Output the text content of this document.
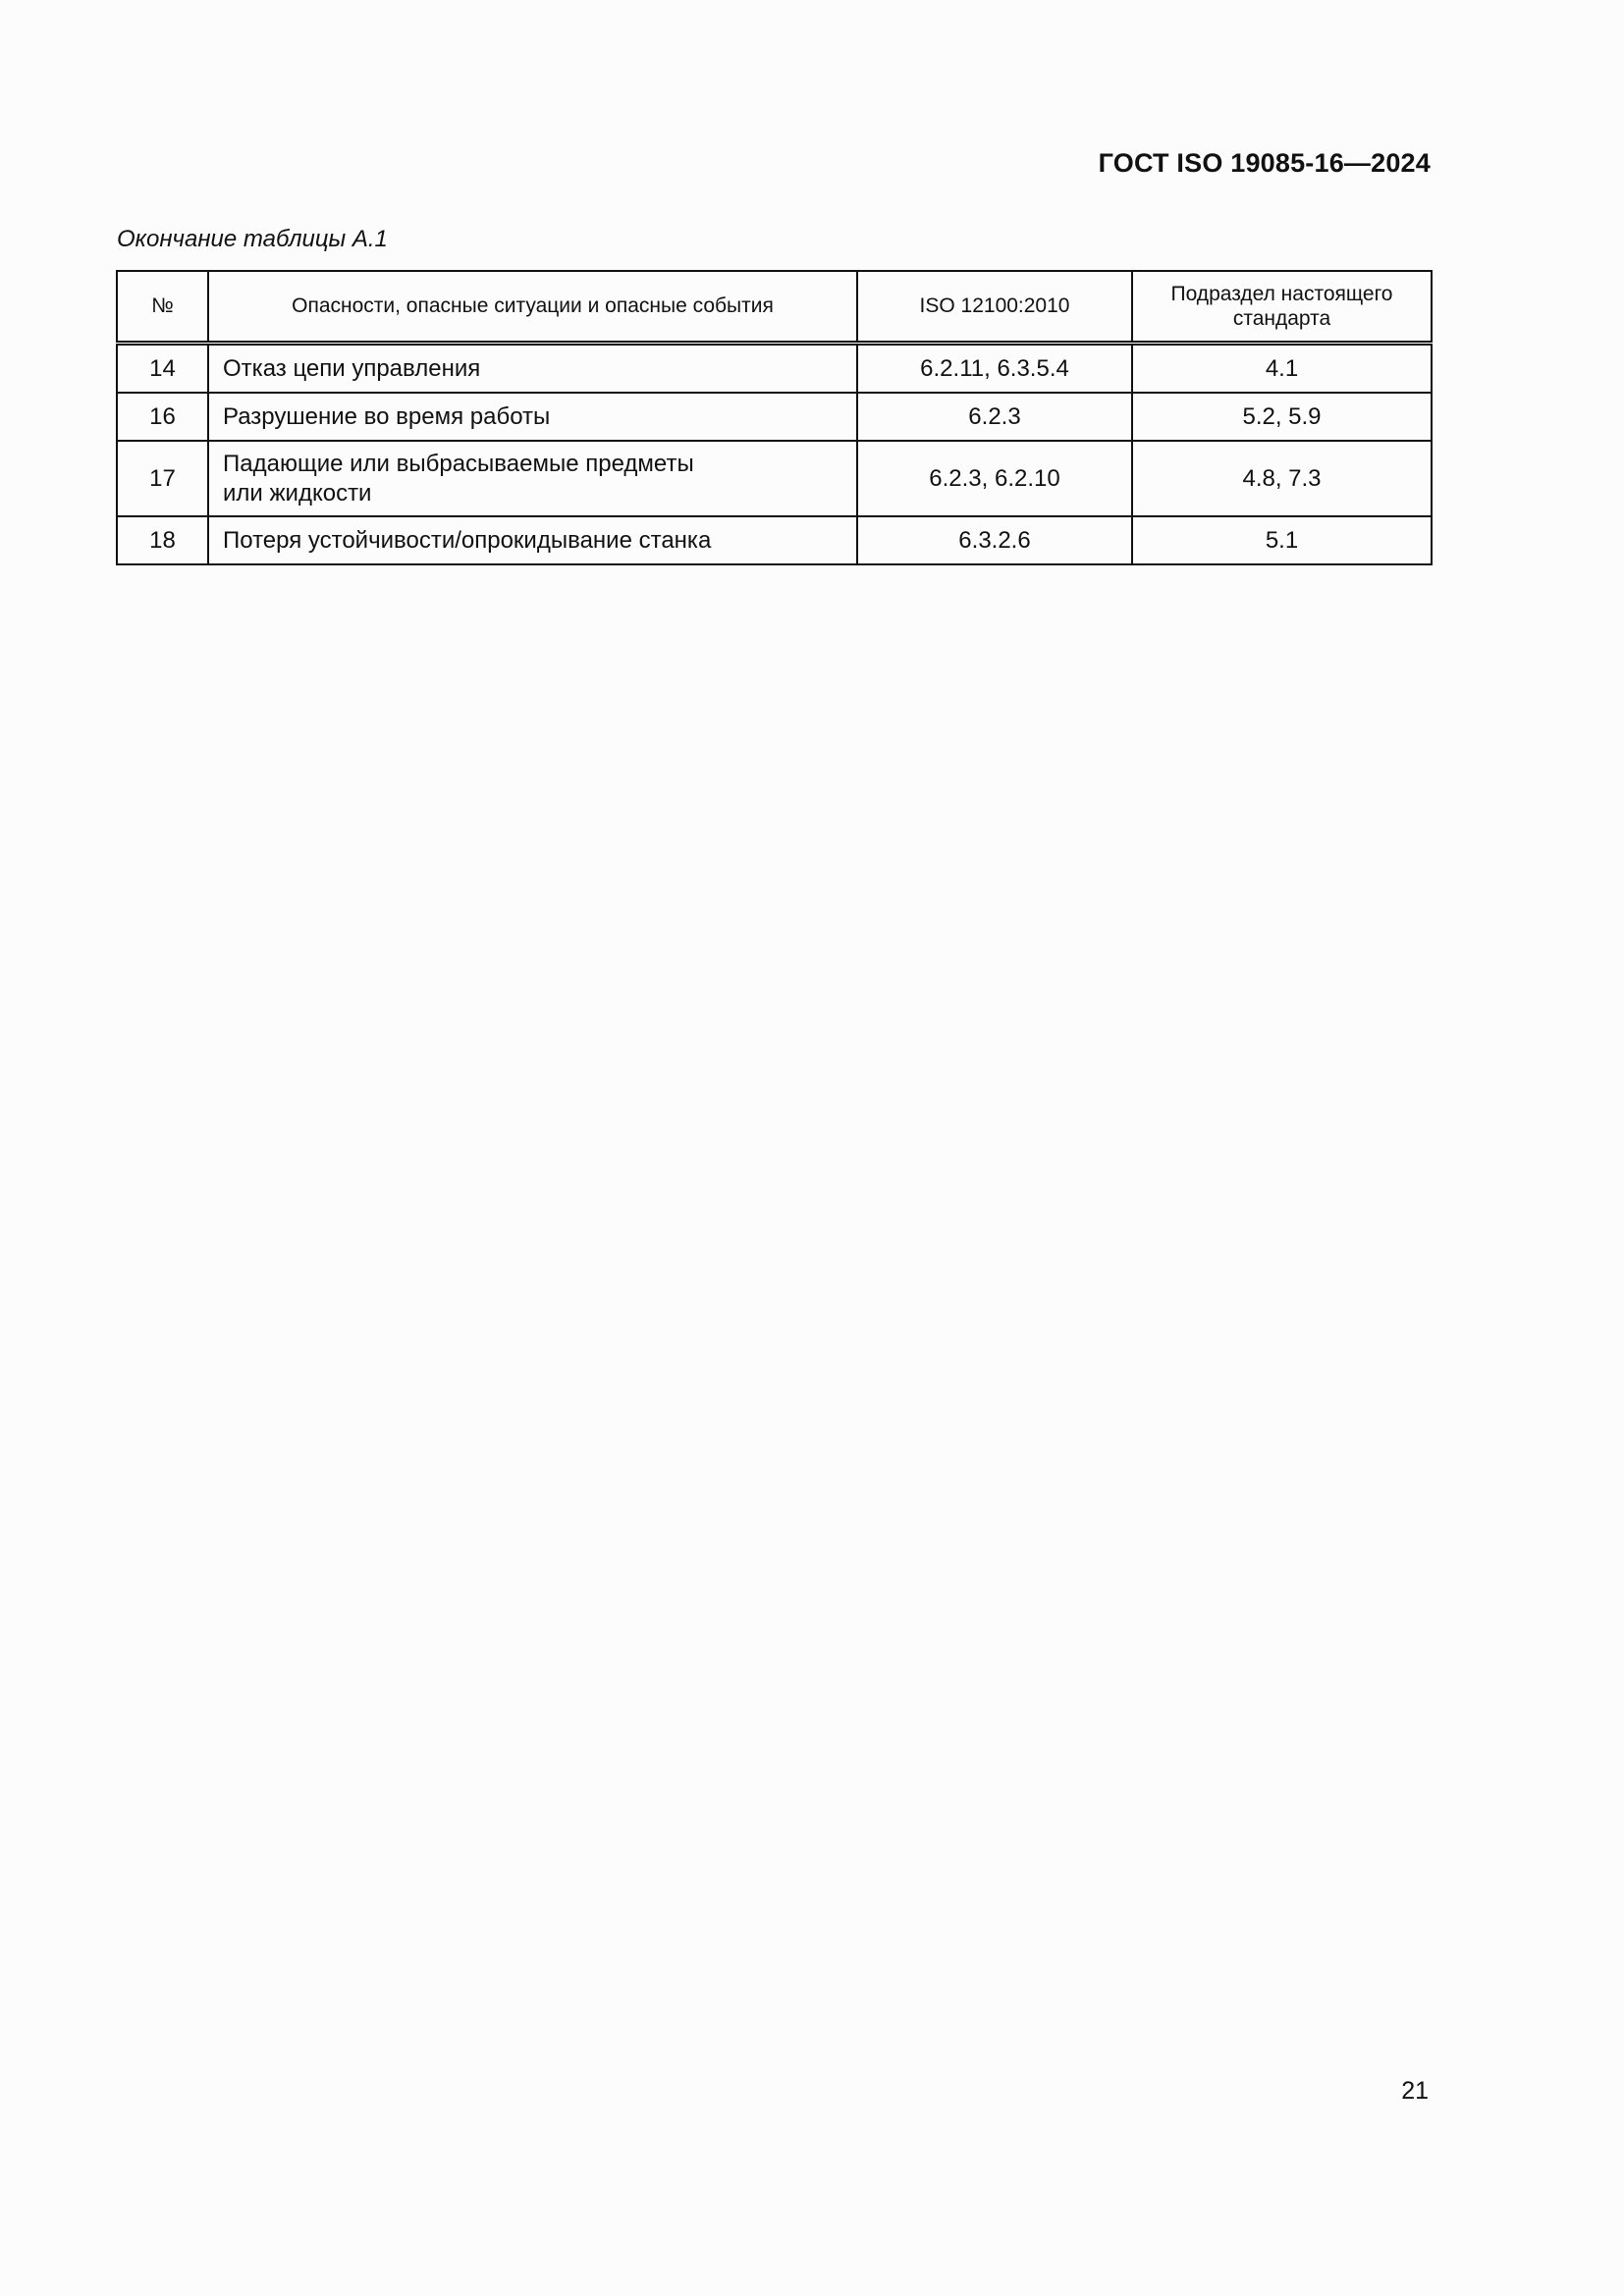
ГОСТ ISO 19085-16—2024
Окончание таблицы А.1
№	Опасности, опасные ситуации и опасные события	ISO 12100:2010	Подраздел настоящего
стандарта
14	Отказ цепи управления	6.2.11, 6.3.5.4	4.1
16	Разрушение во время работы	6.2.3	5.2, 5.9
17	Падающие или выбрасываемые предметы
или жидкости	6.2.3, 6.2.10	4.8, 7.3
18	Потеря устойчивости/опрокидывание станка	6.3.2.6	5.1
21
